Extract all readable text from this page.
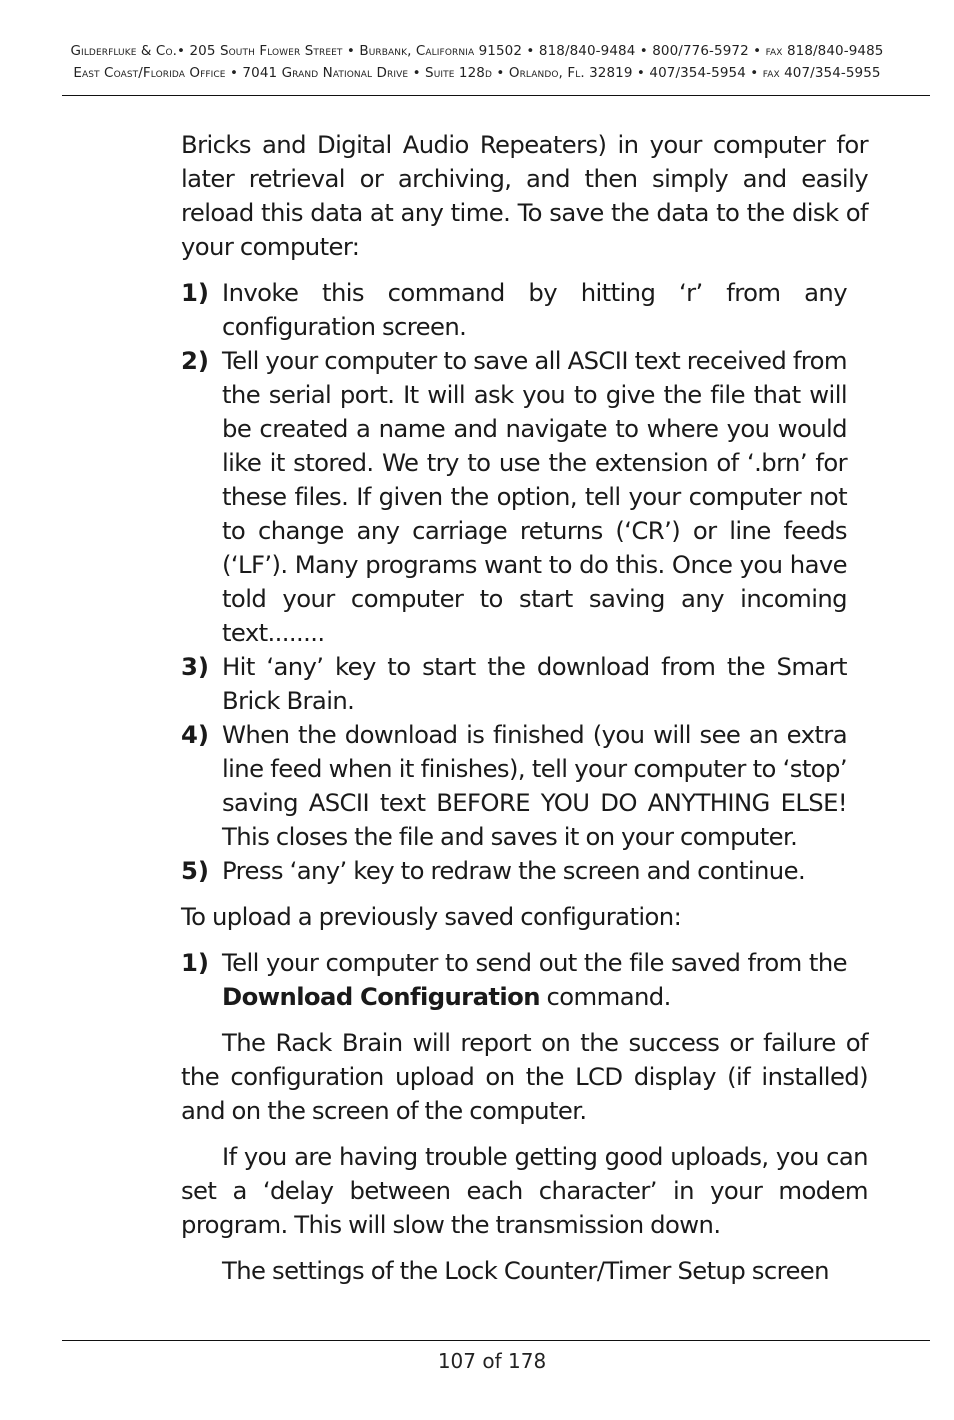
Gilderfluke & Co.• 205 South Flower Street • Burbank, California 91502 • 818/840-9484 • 800/776-5972 • fax 818/840-9485
East Coast/Florida Office • 7041 Grand National Drive • Suite 128d • Orlando, Fl. 32819 • 407/354-5954 • fax 407/354-5955

Bricks and Digital Audio Repeaters) in your computer for later retrieval or archiving, and then simply and easily reload this data at any time. To save the data to the disk of your computer:

1) Invoke this command by hitting ‘r’ from any configuration screen.
2) Tell your computer to save all ASCII text received from the serial port. It will ask you to give the file that will be created a name and navigate to where you would like it stored. We try to use the extension of ‘.brn’ for these files. If given the option, tell your computer not to change any carriage returns (‘CR’) or line feeds (‘LF’). Many programs want to do this. Once you have told your computer to start saving any incoming text........
3) Hit ‘any’ key to start the download from the Smart Brick Brain.
4) When the download is finished (you will see an extra line feed when it finishes), tell your computer to ‘stop’ saving ASCII text BEFORE YOU DO ANYTHING ELSE! This closes the file and saves it on your computer.
5) Press ‘any’ key to redraw the screen and continue.

To upload a previously saved configuration:

1) Tell your computer to send out the file saved from the Download Configuration command.

The Rack Brain will report on the success or failure of the configuration upload on the LCD display (if installed) and on the screen of the computer.

If you are having trouble getting good uploads, you can set a ‘delay between each character’ in your modem program. This will slow the transmission down.

The settings of the Lock Counter/Timer Setup screen

107 of 178
